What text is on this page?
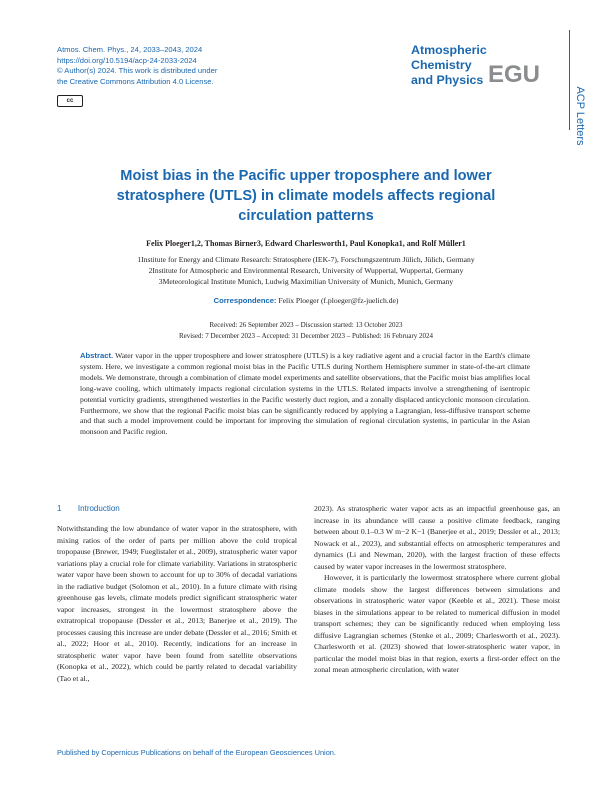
Atmos. Chem. Phys., 24, 2033–2043, 2024
https://doi.org/10.5194/acp-24-2033-2024
© Author(s) 2024. This work is distributed under
the Creative Commons Attribution 4.0 License.
cc
Atmospheric
Chemistry
and Physics EGU
ACP Letters
Moist bias in the Pacific upper troposphere and lower stratosphere (UTLS) in climate models affects regional circulation patterns
Felix Ploeger1,2, Thomas Birner3, Edward Charlesworth1, Paul Konopka1, and Rolf Müller1
1Institute for Energy and Climate Research: Stratosphere (IEK-7), Forschungszentrum Jülich, Jülich, Germany
2Institute for Atmospheric and Environmental Research, University of Wuppertal, Wuppertal, Germany
3Meteorological Institute Munich, Ludwig Maximilian University of Munich, Munich, Germany
Correspondence: Felix Ploeger (f.ploeger@fz-juelich.de)
Received: 26 September 2023 – Discussion started: 13 October 2023
Revised: 7 December 2023 – Accepted: 31 December 2023 – Published: 16 February 2024
Abstract. Water vapor in the upper troposphere and lower stratosphere (UTLS) is a key radiative agent and a crucial factor in the Earth's climate system. Here, we investigate a common regional moist bias in the Pacific UTLS during Northern Hemisphere summer in state-of-the-art climate models. We demonstrate, through a combination of climate model experiments and satellite observations, that the Pacific moist bias amplifies local long-wave cooling, which ultimately impacts regional circulation systems in the UTLS. Related impacts involve a strengthening of isentropic potential vorticity gradients, strengthened westerlies in the Pacific westerly duct region, and a zonally displaced anticyclonic monsoon circulation. Furthermore, we show that the regional Pacific moist bias can be significantly reduced by applying a Lagrangian, less-diffusive transport scheme and that such a model improvement could be important for improving the simulation of regional circulation systems, in particular in the Asian monsoon and Pacific region.
1 Introduction

Notwithstanding the low abundance of water vapor in the stratosphere, with mixing ratios of the order of parts per million above the cold tropical tropopause (Brewer, 1949; Fueglistaler et al., 2009), stratospheric water vapor variations play a crucial role for climate variability. Variations in stratospheric water vapor have been shown to account for up to 30% of decadal variations in the radiative budget (Solomon et al., 2010). In a future climate with rising greenhouse gas levels, climate models predict significant stratospheric water vapor increases, strongest in the lowermost stratosphere above the extratropical tropopause (Dessler et al., 2013; Banerjee et al., 2019). The processes causing this increase are under debate (Dessler et al., 2016; Smith et al., 2022; Hoor et al., 2010). Recently, indications for an increase in stratospheric water vapor have been found from satellite observations (Konopka et al., 2022), which could be partly related to decadal variability (Tao et al.,

2023). As stratospheric water vapor acts as an impactful greenhouse gas, an increase in its abundance will cause a positive climate feedback, ranging between about 0.1–0.3 W m−2 K−1 (Banerjee et al., 2019; Dessler et al., 2013; Nowack et al., 2023), and substantial effects on atmospheric temperatures and dynamics (Li and Newman, 2020), with the largest fraction of these effects caused by water vapor increases in the lowermost stratosphere.

However, it is particularly the lowermost stratosphere where current global climate models show the largest differences between simulations and observations in stratospheric water vapor (Keeble et al., 2021). These moist biases in the simulations appear to be related to numerical diffusion in model transport schemes; they can be significantly reduced when employing less diffusive Lagrangian schemes (Stenke et al., 2009; Charlesworth et al., 2023). Charlesworth et al. (2023) showed that lower-stratospheric water vapor, in particular the model moist bias in that region, exerts a first-order effect on the zonal mean atmospheric circulation, with water

Published by Copernicus Publications on behalf of the European Geosciences Union.
